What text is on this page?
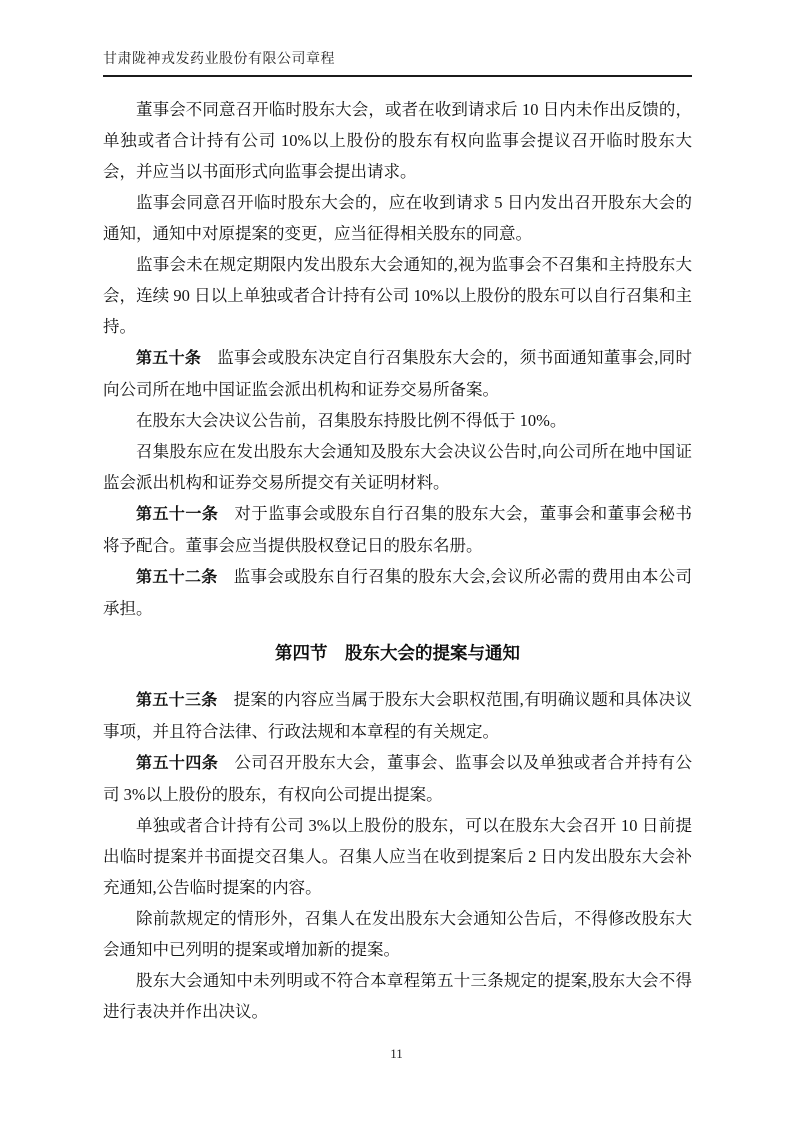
甘肃陇神戎发药业股份有限公司章程

董事会不同意召开临时股东大会，或者在收到请求后 10 日内未作出反馈的，单独或者合计持有公司 10%以上股份的股东有权向监事会提议召开临时股东大会，并应当以书面形式向监事会提出请求。

监事会同意召开临时股东大会的，应在收到请求 5 日内发出召开股东大会的通知，通知中对原提案的变更，应当征得相关股东的同意。

监事会未在规定期限内发出股东大会通知的,视为监事会不召集和主持股东大会，连续 90 日以上单独或者合计持有公司 10%以上股份的股东可以自行召集和主持。

第五十条 监事会或股东决定自行召集股东大会的，须书面通知董事会,同时向公司所在地中国证监会派出机构和证券交易所备案。

在股东大会决议公告前，召集股东持股比例不得低于 10%。

召集股东应在发出股东大会通知及股东大会决议公告时,向公司所在地中国证监会派出机构和证券交易所提交有关证明材料。

第五十一条 对于监事会或股东自行召集的股东大会，董事会和董事会秘书将予配合。董事会应当提供股权登记日的股东名册。

第五十二条 监事会或股东自行召集的股东大会,会议所必需的费用由本公司承担。

第四节　股东大会的提案与通知

第五十三条 提案的内容应当属于股东大会职权范围,有明确议题和具体决议事项，并且符合法律、行政法规和本章程的有关规定。

第五十四条 公司召开股东大会，董事会、监事会以及单独或者合并持有公司 3%以上股份的股东，有权向公司提出提案。

单独或者合计持有公司 3%以上股份的股东，可以在股东大会召开 10 日前提出临时提案并书面提交召集人。召集人应当在收到提案后 2 日内发出股东大会补充通知,公告临时提案的内容。

除前款规定的情形外，召集人在发出股东大会通知公告后，不得修改股东大会通知中已列明的提案或增加新的提案。

股东大会通知中未列明或不符合本章程第五十三条规定的提案,股东大会不得进行表决并作出决议。

11
